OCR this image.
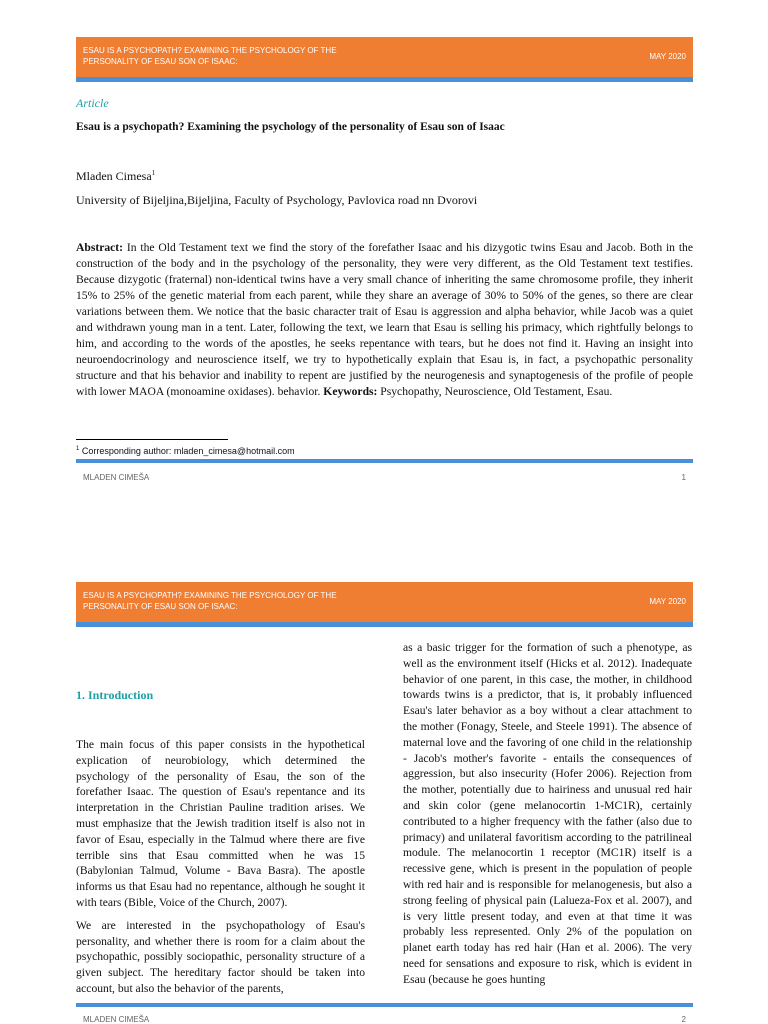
ESAU IS A PSYCHOPATH? EXAMINING THE PSYCHOLOGY OF THE PERSONALITY OF ESAU SON OF ISAAC:
MAY 2020
Article
Esau is a psychopath? Examining the psychology of the personality of Esau son of Isaac
Mladen Cimesa$^1$
University of Bijeljina,Bijeljina, Faculty of Psychology, Pavlovica road nn Dvorovi

Abstract: In the Old Testament text we find the story of the forefather Isaac and his dizygotic twins Esau and Jacob. Both in the construction of the body and in the psychology of the personality, they were very different, as the Old Testament text testifies. Because dizygotic (fraternal) non-identical twins have a very small chance of inheriting the same chromosome profile, they inherit 15% to 25% of the genetic material from each parent, while they share an average of 30% to 50% of the genes, so there are clear variations between them. We notice that the basic character trait of Esau is aggression and alpha behavior, while Jacob was a quiet and withdrawn young man in a tent. Later, following the text, we learn that Esau is selling his primacy, which rightfully belongs to him, and according to the words of the apostles, he seeks repentance with tears, but he does not find it. Having an insight into neuroendocrinology and neuroscience itself, we try to hypothetically explain that Esau is, in fact, a psychopathic personality structure and that his behavior and inability to repent are justified by the neurogenesis and synaptogenesis of the profile of people with lower MAOA (monoamine oxidases). behavior. Keywords: Psychopathy, Neuroscience, Old Testament, Esau.

$^1$ Corresponding author: mladen_cimesa@hotmail.com
MLADEN CIMEŠA	1
ESAU IS A PSYCHOPATH? EXAMINING THE PSYCHOLOGY OF THE PERSONALITY OF ESAU SON OF ISAAC:
MAY 2020
1. Introduction

The main focus of this paper consists in the hypothetical explication of neurobiology, which determined the psychology of the personality of Esau, the son of the forefather Isaac. The question of Esau's repentance and its interpretation in the Christian Pauline tradition arises. We must emphasize that the Jewish tradition itself is also not in favor of Esau, especially in the Talmud where there are five terrible sins that Esau committed when he was 15 (Babylonian Talmud, Volume - Bava Basra). The apostle informs us that Esau had no repentance, although he sought it with tears (Bible, Voice of the Church, 2007).

We are interested in the psychopathology of Esau's personality, and whether there is room for a claim about the psychopathic, possibly sociopathic, personality structure of a given subject. The hereditary factor should be taken into account, but also the behavior of the parents,

as a basic trigger for the formation of such a phenotype, as well as the environment itself (Hicks et al. 2012). Inadequate behavior of one parent, in this case, the mother, in childhood towards twins is a predictor, that is, it probably influenced Esau's later behavior as a boy without a clear attachment to the mother (Fonagy, Steele, and Steele 1991). The absence of maternal love and the favoring of one child in the relationship - Jacob's mother's favorite - entails the consequences of aggression, but also insecurity (Hofer 2006). Rejection from the mother, potentially due to hairiness and unusual red hair and skin color (gene melanocortin 1-MC1R), certainly contributed to a higher frequency with the father (also due to primacy) and unilateral favoritism according to the patrilineal module. The melanocortin 1 receptor (MC1R) itself is a recessive gene, which is present in the population of people with red hair and is responsible for melanogenesis, but also a strong feeling of physical pain (Lalueza-Fox et al. 2007), and is very little present today, and even at that time it was probably less represented. Only 2% of the population on planet earth today has red hair (Han et al. 2006). The very need for sensations and exposure to risk, which is evident in Esau (because he goes hunting

MLADEN CIMEŠA	2
